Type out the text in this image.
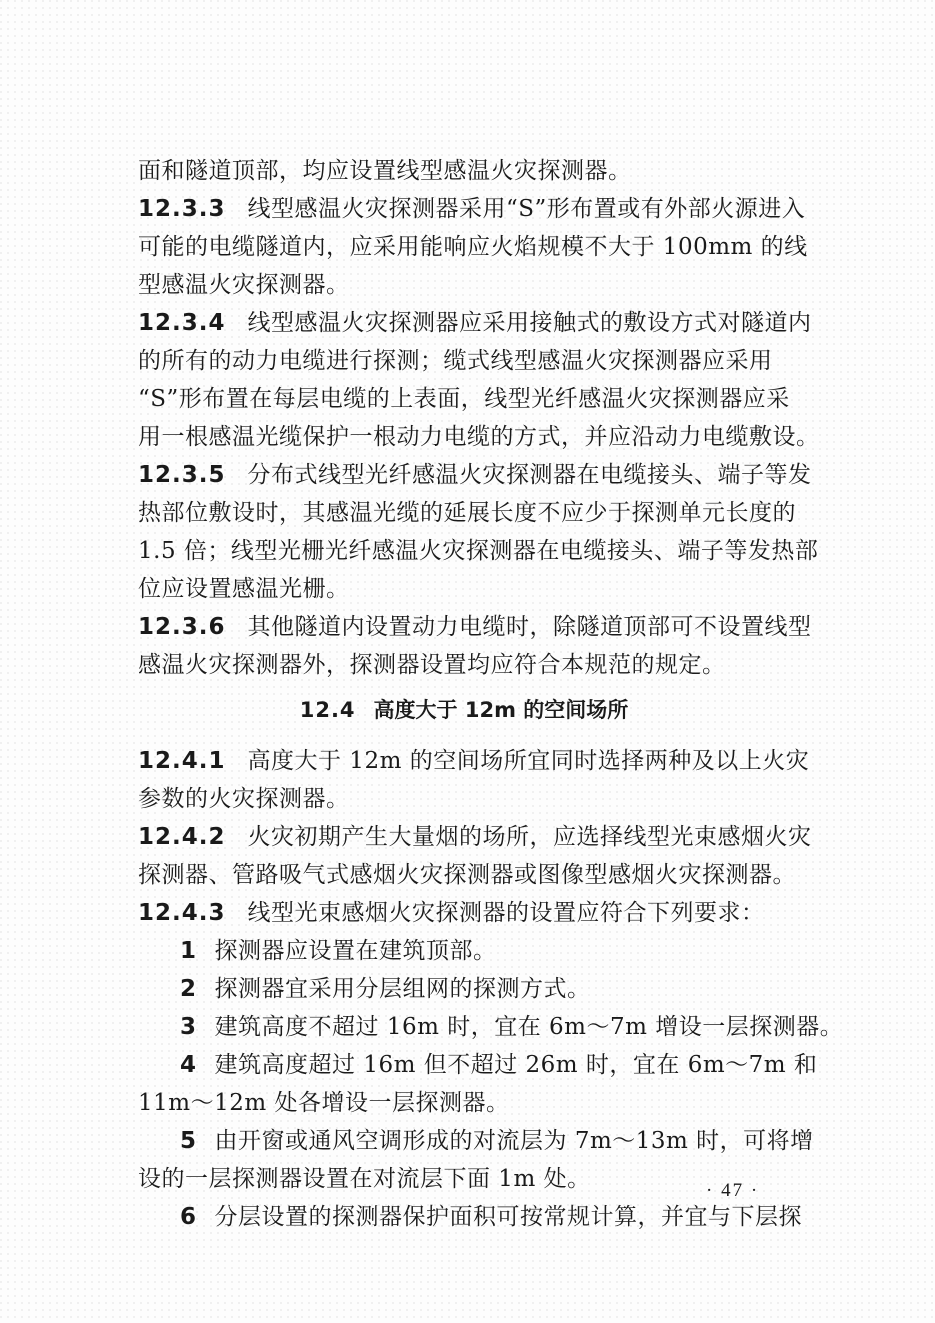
面和隧道顶部，均应设置线型感温火灾探测器。
12.3.3 线型感温火灾探测器采用“S”形布置或有外部火源进入
可能的电缆隧道内，应采用能响应火焰规模不大于 100mm 的线
型感温火灾探测器。
12.3.4 线型感温火灾探测器应采用接触式的敷设方式对隧道内
的所有的动力电缆进行探测；缆式线型感温火灾探测器应采用
“S”形布置在每层电缆的上表面，线型光纤感温火灾探测器应采
用一根感温光缆保护一根动力电缆的方式，并应沿动力电缆敷设。
12.3.5 分布式线型光纤感温火灾探测器在电缆接头、端子等发
热部位敷设时，其感温光缆的延展长度不应少于探测单元长度的
1.5 倍；线型光栅光纤感温火灾探测器在电缆接头、端子等发热部
位应设置感温光栅。
12.3.6 其他隧道内设置动力电缆时，除隧道顶部可不设置线型
感温火灾探测器外，探测器设置均应符合本规范的规定。
12.4 高度大于 12m 的空间场所
12.4.1 高度大于 12m 的空间场所宜同时选择两种及以上火灾
参数的火灾探测器。
12.4.2 火灾初期产生大量烟的场所，应选择线型光束感烟火灾
探测器、管路吸气式感烟火灾探测器或图像型感烟火灾探测器。
12.4.3 线型光束感烟火灾探测器的设置应符合下列要求：
1 探测器应设置在建筑顶部。
2 探测器宜采用分层组网的探测方式。
3 建筑高度不超过 16m 时，宜在 6m～7m 增设一层探测器。
4 建筑高度超过 16m 但不超过 26m 时，宜在 6m～7m 和
11m～12m 处各增设一层探测器。
5 由开窗或通风空调形成的对流层为 7m～13m 时，可将增
设的一层探测器设置在对流层下面 1m 处。
6 分层设置的探测器保护面积可按常规计算，并宜与下层探
· 47 ·
